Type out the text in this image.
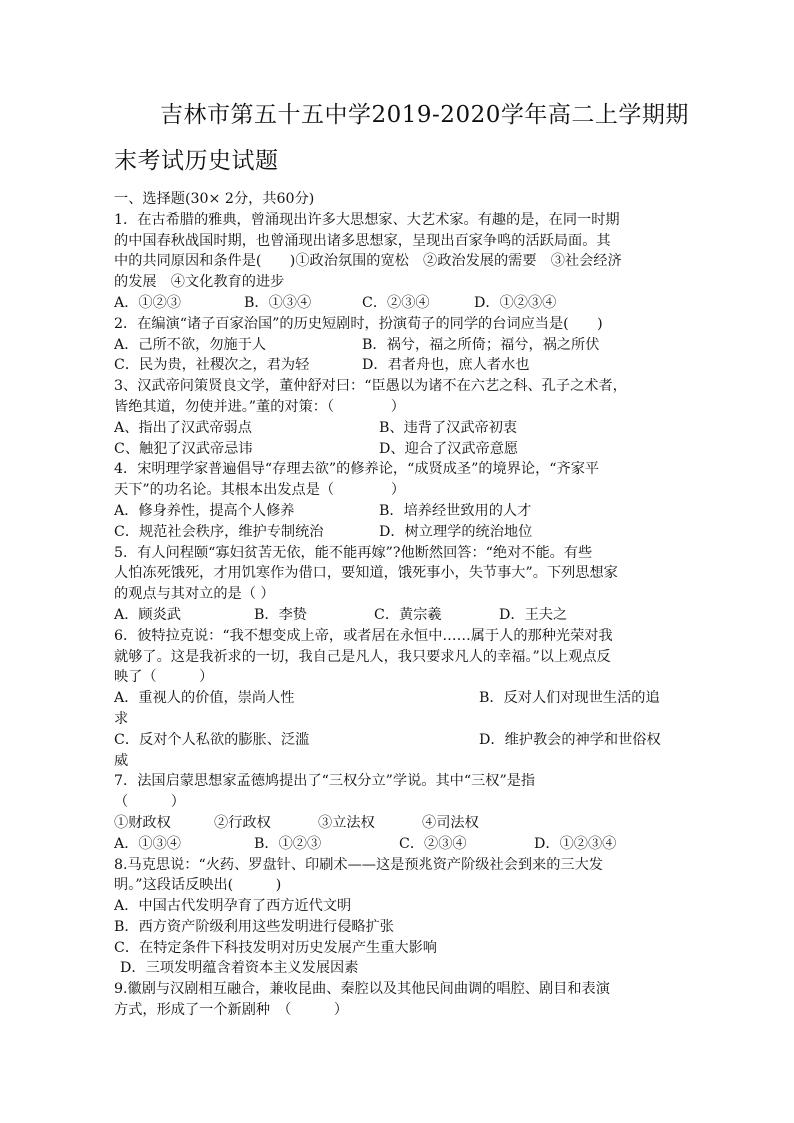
吉林市第五十五中学2019-2020学年高二上学期期
末考试历史试题
一、选择题(30× 2分，共60分)
1．在古希腊的雅典，曾涌现出许多大思想家、大艺术家。有趣的是，在同一时期
的中国春秋战国时期，也曾涌现出诸多思想家，呈现出百家争鸣的活跃局面。其
中的共同原因和条件是(　　)①政治氛围的宽松　②政治发展的需要　③社会经济
的发展　④文化教育的进步
A．①②③	B．①③④	C．②③④	D．①②③④
2．在编演“诸子百家治国”的历史短剧时，扮演荀子的同学的台词应当是(　　)
A．己所不欲，勿施于人	B．祸兮，福之所倚；福兮，祸之所伏
C．民为贵，社稷次之，君为轻	D．君者舟也，庶人者水也
3、汉武帝问策贤良文学，董仲舒对曰：“臣愚以为诸不在六艺之科、孔子之术者，
皆绝其道，勿使并进。”董的对策：（　　　　）
A、指出了汉武帝弱点	B、违背了汉武帝初衷
C、触犯了汉武帝忌讳	D、迎合了汉武帝意愿
4．宋明理学家普遍倡导“存理去欲”的修养论，“成贤成圣”的境界论，“齐家平
天下”的功名论。其根本出发点是（　　　　）
A．修身养性，提高个人修养	B．培养经世致用的人才
C．规范社会秩序，维护专制统治	D．树立理学的统治地位
5．有人问程颐“寡妇贫苦无依，能不能再嫁”?他断然回答：“绝对不能。有些
人怕冻死饿死，才用饥寒作为借口，要知道，饿死事小，失节事大”。下列思想家
的观点与其对立的是（ ）
A．顾炎武	B．李贽	C．黄宗羲	D．王夫之
6．彼特拉克说：“我不想变成上帝，或者居在永恒中……属于人的那种光荣对我
就够了。这是我祈求的一切，我自己是凡人，我只要求凡人的幸福。”以上观点反
映了（　　　）
A．重视人的价值，崇尚人性	B．反对人们对现世生活的追
求
C．反对个人私欲的膨胀、泛滥	D．维护教会的神学和世俗权
威
7．法国启蒙思想家孟德鸠提出了“三权分立”学说。其中“三权”是指
（　　　）
①财政权	②行政权	③立法权	④司法权
A．①③④	B．①②③	C．②③④	D．①②③④
8.马克思说：“火药、罗盘针、印刷术——这是预兆资产阶级社会到来的三大发
明。”这段话反映出(　　　)
A．中国古代发明孕育了西方近代文明
B．西方资产阶级利用这些发明进行侵略扩张
C．在特定条件下科技发明对历史发展产生重大影响
D．三项发明蕴含着资本主义发展因素
9.徽剧与汉剧相互融合，兼收昆曲、秦腔以及其他民间曲调的唱腔、剧目和表演
方式，形成了一个新剧种　（　　　）
